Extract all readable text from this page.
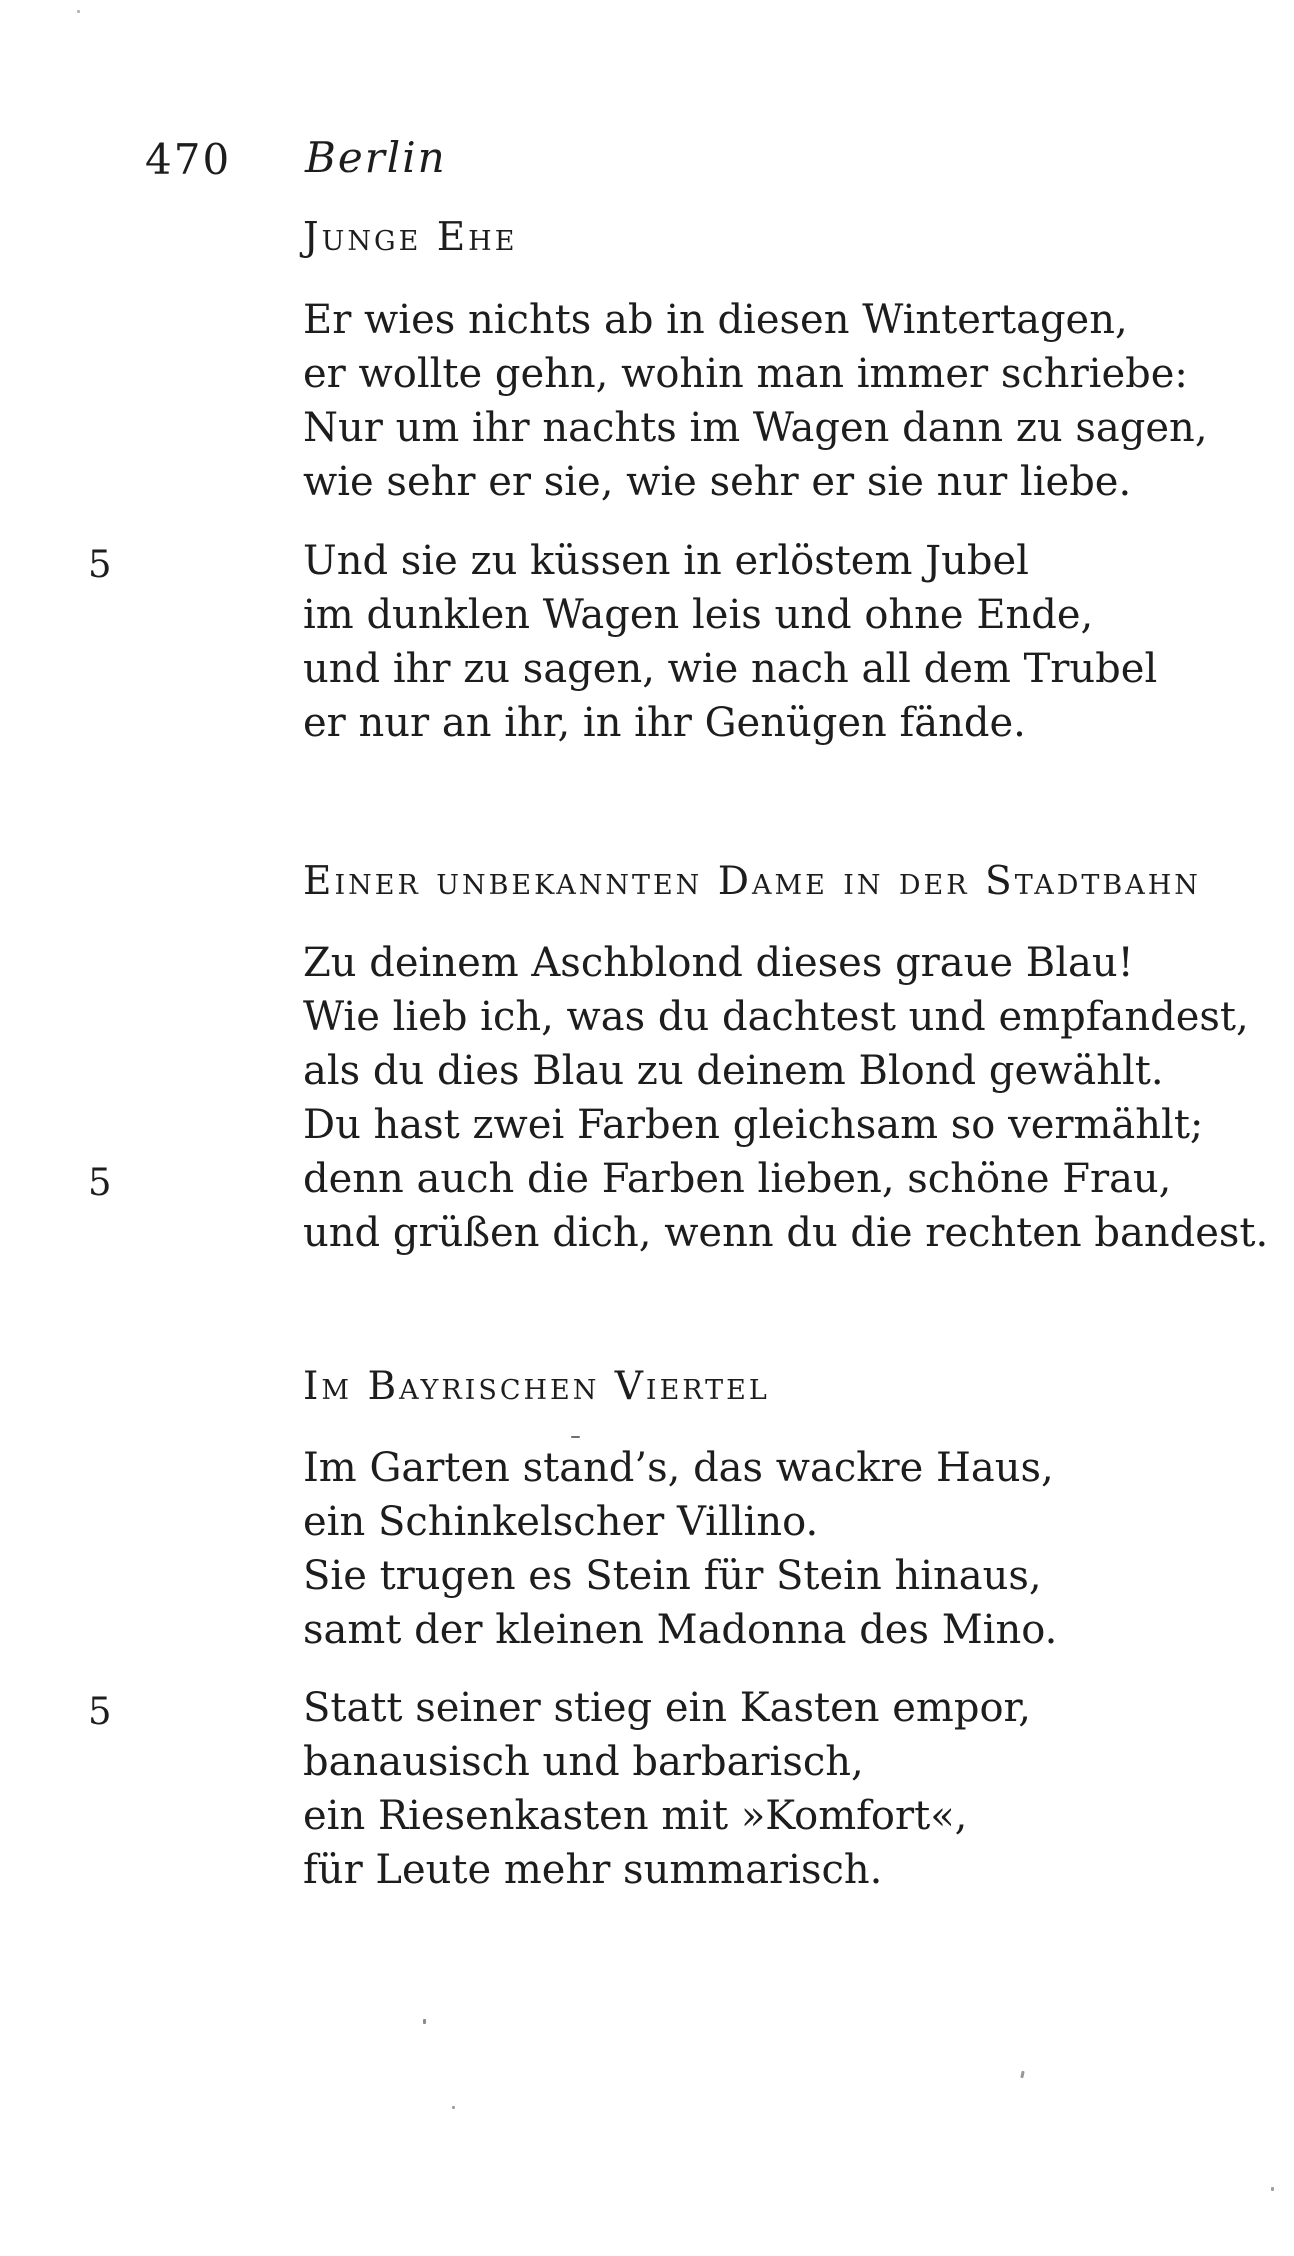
470 Berlin
Junge Ehe
Er wies nichts ab in diesen Wintertagen,
er wollte gehn, wohin man immer schriebe:
Nur um ihr nachts im Wagen dann zu sagen,
wie sehr er sie, wie sehr er sie nur liebe.
5	Und sie zu küssen in erlöstem Jubel
im dunklen Wagen leis und ohne Ende,
und ihr zu sagen, wie nach all dem Trubel
er nur an ihr, in ihr Genügen fände.
Einer unbekannten Dame in der Stadtbahn
Zu deinem Aschblond dieses graue Blau!
Wie lieb ich, was du dachtest und empfandest,
als du dies Blau zu deinem Blond gewählt.
Du hast zwei Farben gleichsam so vermählt;
5	denn auch die Farben lieben, schöne Frau,
und grüßen dich, wenn du die rechten bandest.
Im Bayrischen Viertel
Im Garten stand’s, das wackre Haus,
ein Schinkelscher Villino.
Sie trugen es Stein für Stein hinaus,
samt der kleinen Madonna des Mino.
5	Statt seiner stieg ein Kasten empor,
banausisch und barbarisch,
ein Riesenkasten mit »Komfort«,
für Leute mehr summarisch.
